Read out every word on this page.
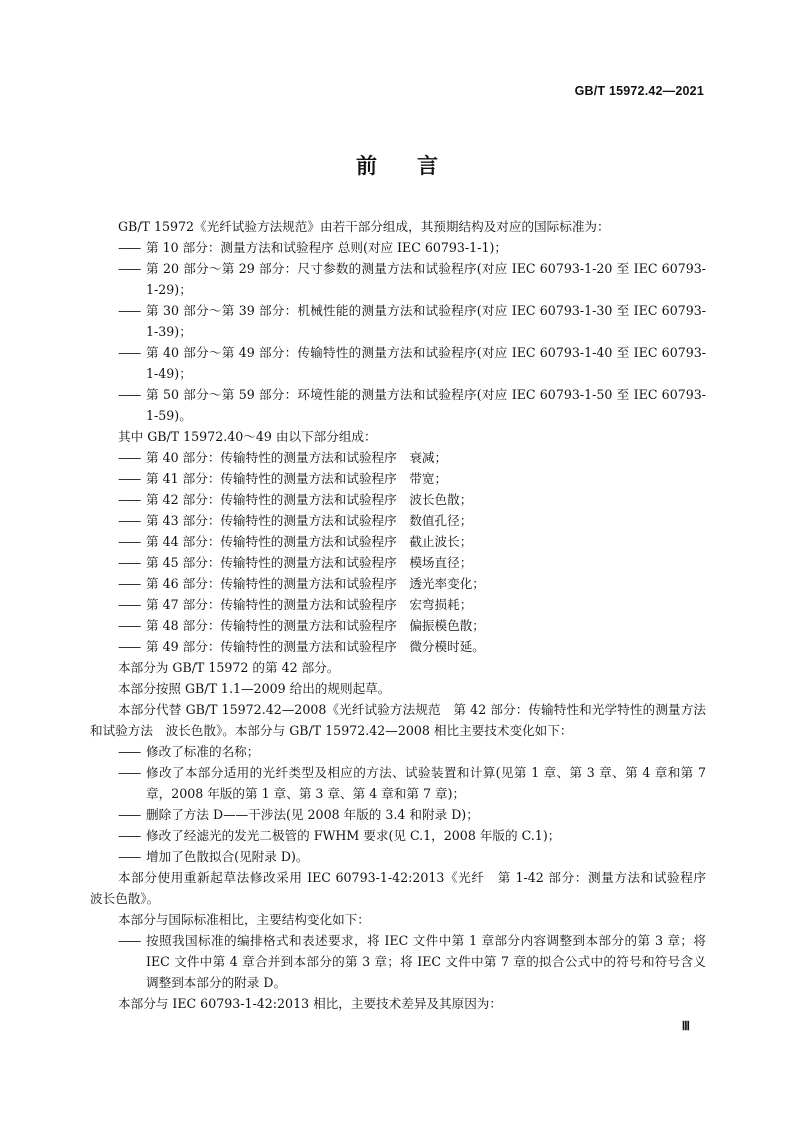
GB/T 15972.42—2021
前言

GB/T 15972《光纤试验方法规范》由若干部分组成，其预期结构及对应的国际标准为：

—— 第 10 部分：测量方法和试验程序 总则(对应 IEC 60793-1-1)；

—— 第 20 部分～第 29 部分：尺寸参数的测量方法和试验程序(对应 IEC 60793-1-20 至 IEC 60793-1-29)；

—— 第 30 部分～第 39 部分：机械性能的测量方法和试验程序(对应 IEC 60793-1-30 至 IEC 60793-1-39)；

—— 第 40 部分～第 49 部分：传输特性的测量方法和试验程序(对应 IEC 60793-1-40 至 IEC 60793-1-49)；

—— 第 50 部分～第 59 部分：环境性能的测量方法和试验程序(对应 IEC 60793-1-50 至 IEC 60793-1-59)。

其中 GB/T 15972.40～49 由以下部分组成：

—— 第 40 部分：传输特性的测量方法和试验程序　衰减；

—— 第 41 部分：传输特性的测量方法和试验程序　带宽；

—— 第 42 部分：传输特性的测量方法和试验程序　波长色散；

—— 第 43 部分：传输特性的测量方法和试验程序　数值孔径；

—— 第 44 部分：传输特性的测量方法和试验程序　截止波长；

—— 第 45 部分：传输特性的测量方法和试验程序　模场直径；

—— 第 46 部分：传输特性的测量方法和试验程序　透光率变化；

—— 第 47 部分：传输特性的测量方法和试验程序　宏弯损耗；

—— 第 48 部分：传输特性的测量方法和试验程序　偏振模色散；

—— 第 49 部分：传输特性的测量方法和试验程序　微分模时延。

本部分为 GB/T 15972 的第 42 部分。

本部分按照 GB/T 1.1—2009 给出的规则起草。

本部分代替 GB/T 15972.42—2008《光纤试验方法规范　第 42 部分：传输特性和光学特性的测量方法和试验方法　波长色散》。本部分与 GB/T 15972.42—2008 相比主要技术变化如下：

—— 修改了标准的名称；

—— 修改了本部分适用的光纤类型及相应的方法、试验装置和计算(见第 1 章、第 3 章、第 4 章和第 7 章，2008 年版的第 1 章、第 3 章、第 4 章和第 7 章)；

—— 删除了方法 D——干涉法(见 2008 年版的 3.4 和附录 D)；

—— 修改了经滤光的发光二极管的 FWHM 要求(见 C.1，2008 年版的 C.1)；

—— 增加了色散拟合(见附录 D)。

本部分使用重新起草法修改采用 IEC 60793-1-42:2013《光纤　第 1-42 部分：测量方法和试验程序　波长色散》。

本部分与国际标准相比，主要结构变化如下：

—— 按照我国标准的编排格式和表述要求，将 IEC 文件中第 1 章部分内容调整到本部分的第 3 章；将 IEC 文件中第 4 章合并到本部分的第 3 章；将 IEC 文件中第 7 章的拟合公式中的符号和符号含义调整到本部分的附录 D。

本部分与 IEC 60793-1-42:2013 相比，主要技术差异及其原因为：

Ⅲ
